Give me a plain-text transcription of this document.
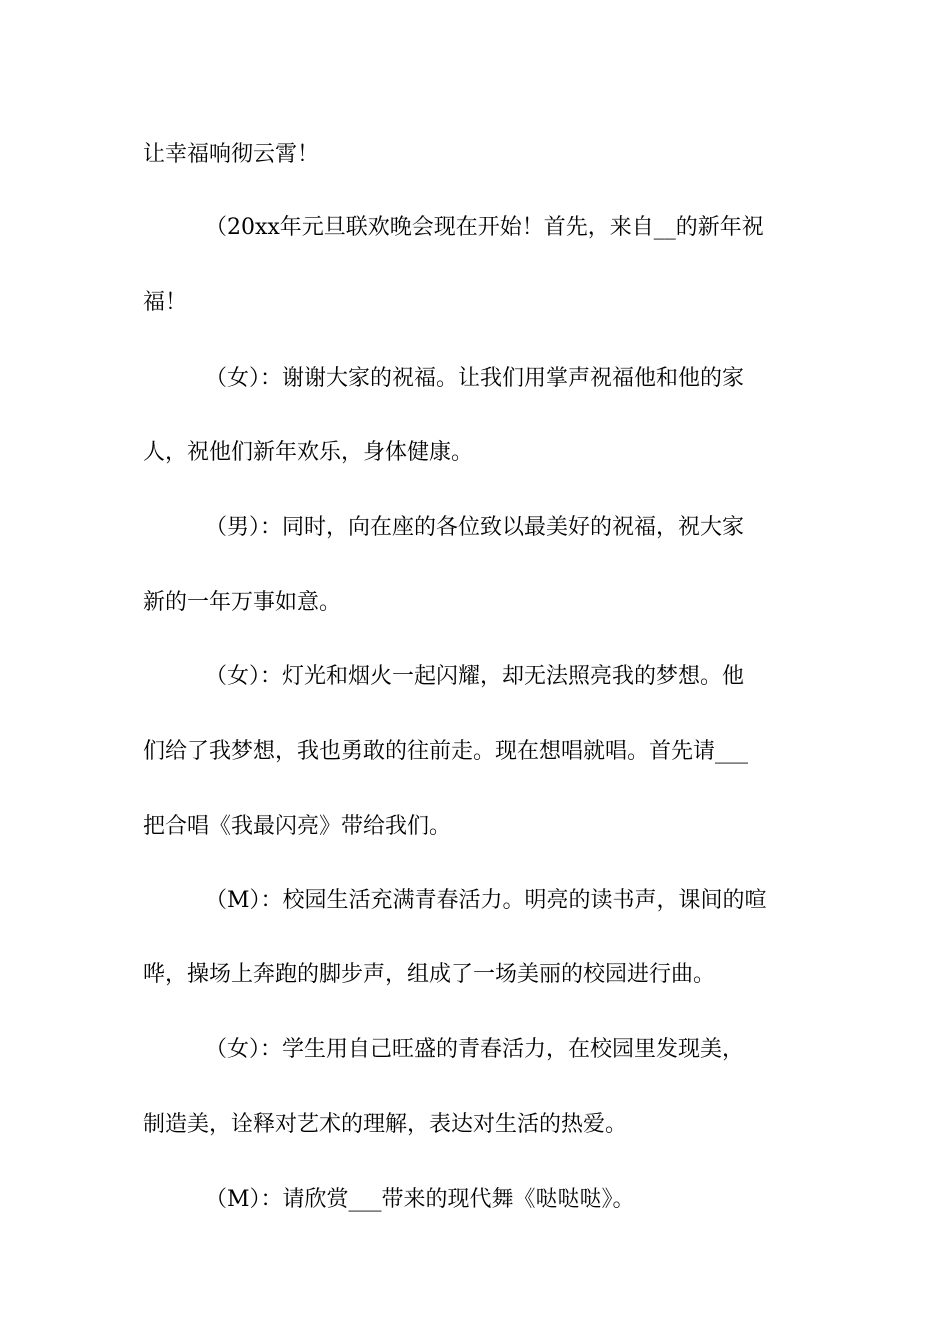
让幸福响彻云霄！

（20xx年元旦联欢晚会现在开始！首先，来自__的新年祝

福！

（女）：谢谢大家的祝福。让我们用掌声祝福他和他的家

人，祝他们新年欢乐，身体健康。

（男）：同时，向在座的各位致以最美好的祝福，祝大家

新的一年万事如意。

（女）：灯光和烟火一起闪耀，却无法照亮我的梦想。他

们给了我梦想，我也勇敢的往前走。现在想唱就唱。首先请___

把合唱《我最闪亮》带给我们。

（M）：校园生活充满青春活力。明亮的读书声，课间的喧

哗，操场上奔跑的脚步声，组成了一场美丽的校园进行曲。

（女）：学生用自己旺盛的青春活力，在校园里发现美，

制造美，诠释对艺术的理解，表达对生活的热爱。

（M）：请欣赏___带来的现代舞《哒哒哒》。
